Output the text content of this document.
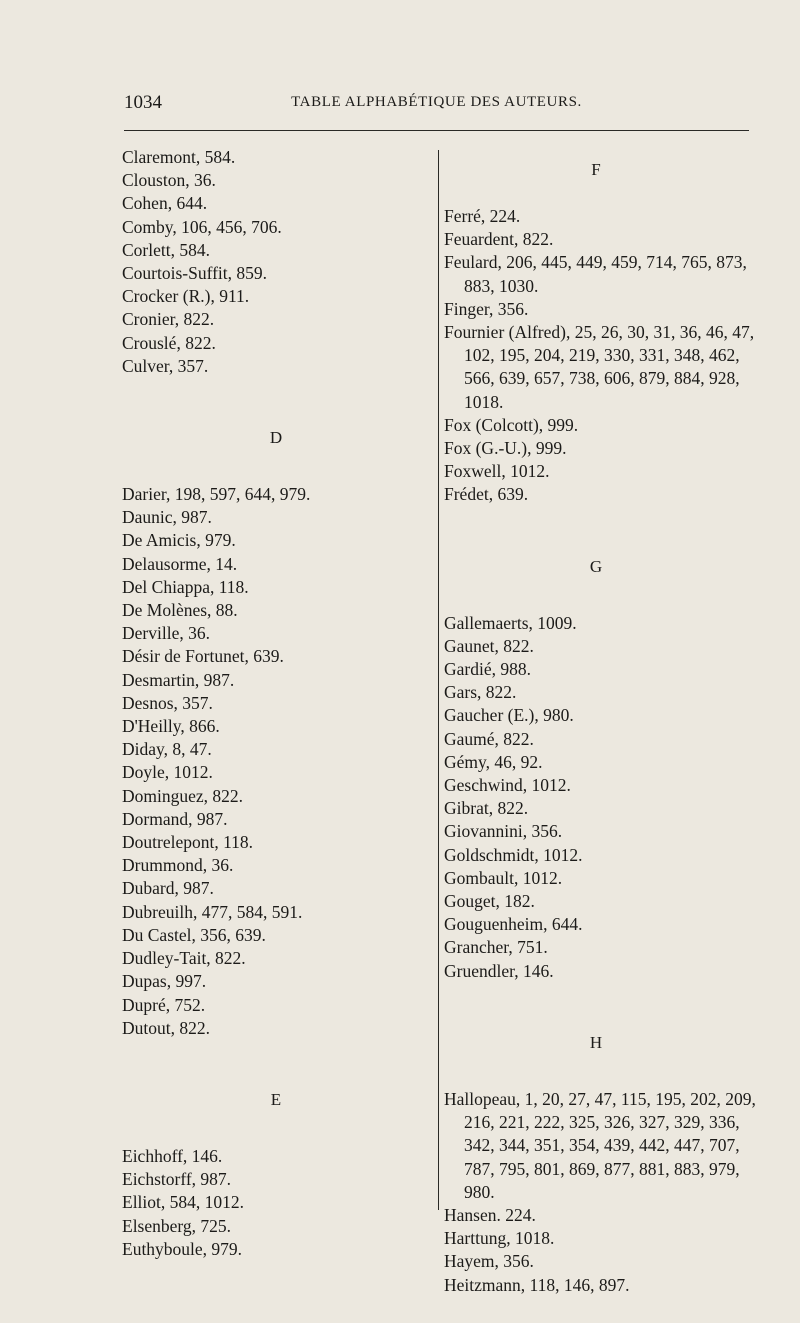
1034	TABLE ALPHABÉTIQUE DES AUTEURS.

Claremont, 584.

Clouston, 36.

Cohen, 644.

Comby, 106, 456, 706.

Corlett, 584.

Courtois-Suffit, 859.

Crocker (R.), 911.

Cronier, 822.

Crouslé, 822.

Culver, 357.

D

Darier, 198, 597, 644, 979.

Daunic, 987.

De Amicis, 979.

Delausorme, 14.

Del Chiappa, 118.

De Molènes, 88.

Derville, 36.

Désir de Fortunet, 639.

Desmartin, 987.

Desnos, 357.

D'Heilly, 866.

Diday, 8, 47.

Doyle, 1012.

Dominguez, 822.

Dormand, 987.

Doutrelepont, 118.

Drummond, 36.

Dubard, 987.

Dubreuilh, 477, 584, 591.

Du Castel, 356, 639.

Dudley-Tait, 822.

Dupas, 997.

Dupré, 752.

Dutout, 822.

E

Eichhoff, 146.

Eichstorff, 987.

Elliot, 584, 1012.

Elsenberg, 725.

Euthyboule, 979.

F

Ferré, 224.

Feuardent, 822.

Feulard, 206, 445, 449, 459, 714, 765, 873, 883, 1030.

Finger, 356.

Fournier (Alfred), 25, 26, 30, 31, 36, 46, 47, 102, 195, 204, 219, 330, 331, 348, 462, 566, 639, 657, 738, 606, 879, 884, 928, 1018.

Fox (Colcott), 999.

Fox (G.-U.), 999.

Foxwell, 1012.

Frédet, 639.

G

Gallemaerts, 1009.

Gaunet, 822.

Gardié, 988.

Gars, 822.

Gaucher (E.), 980.

Gaumé, 822.

Gémy, 46, 92.

Geschwind, 1012.

Gibrat, 822.

Giovannini, 356.

Goldschmidt, 1012.

Gombault, 1012.

Gouget, 182.

Gouguenheim, 644.

Grancher, 751.

Gruendler, 146.

H

Hallopeau, 1, 20, 27, 47, 115, 195, 202, 209, 216, 221, 222, 325, 326, 327, 329, 336, 342, 344, 351, 354, 439, 442, 447, 707, 787, 795, 801, 869, 877, 881, 883, 979, 980.

Hansen. 224.

Harttung, 1018.

Hayem, 356.

Heitzmann, 118, 146, 897.
